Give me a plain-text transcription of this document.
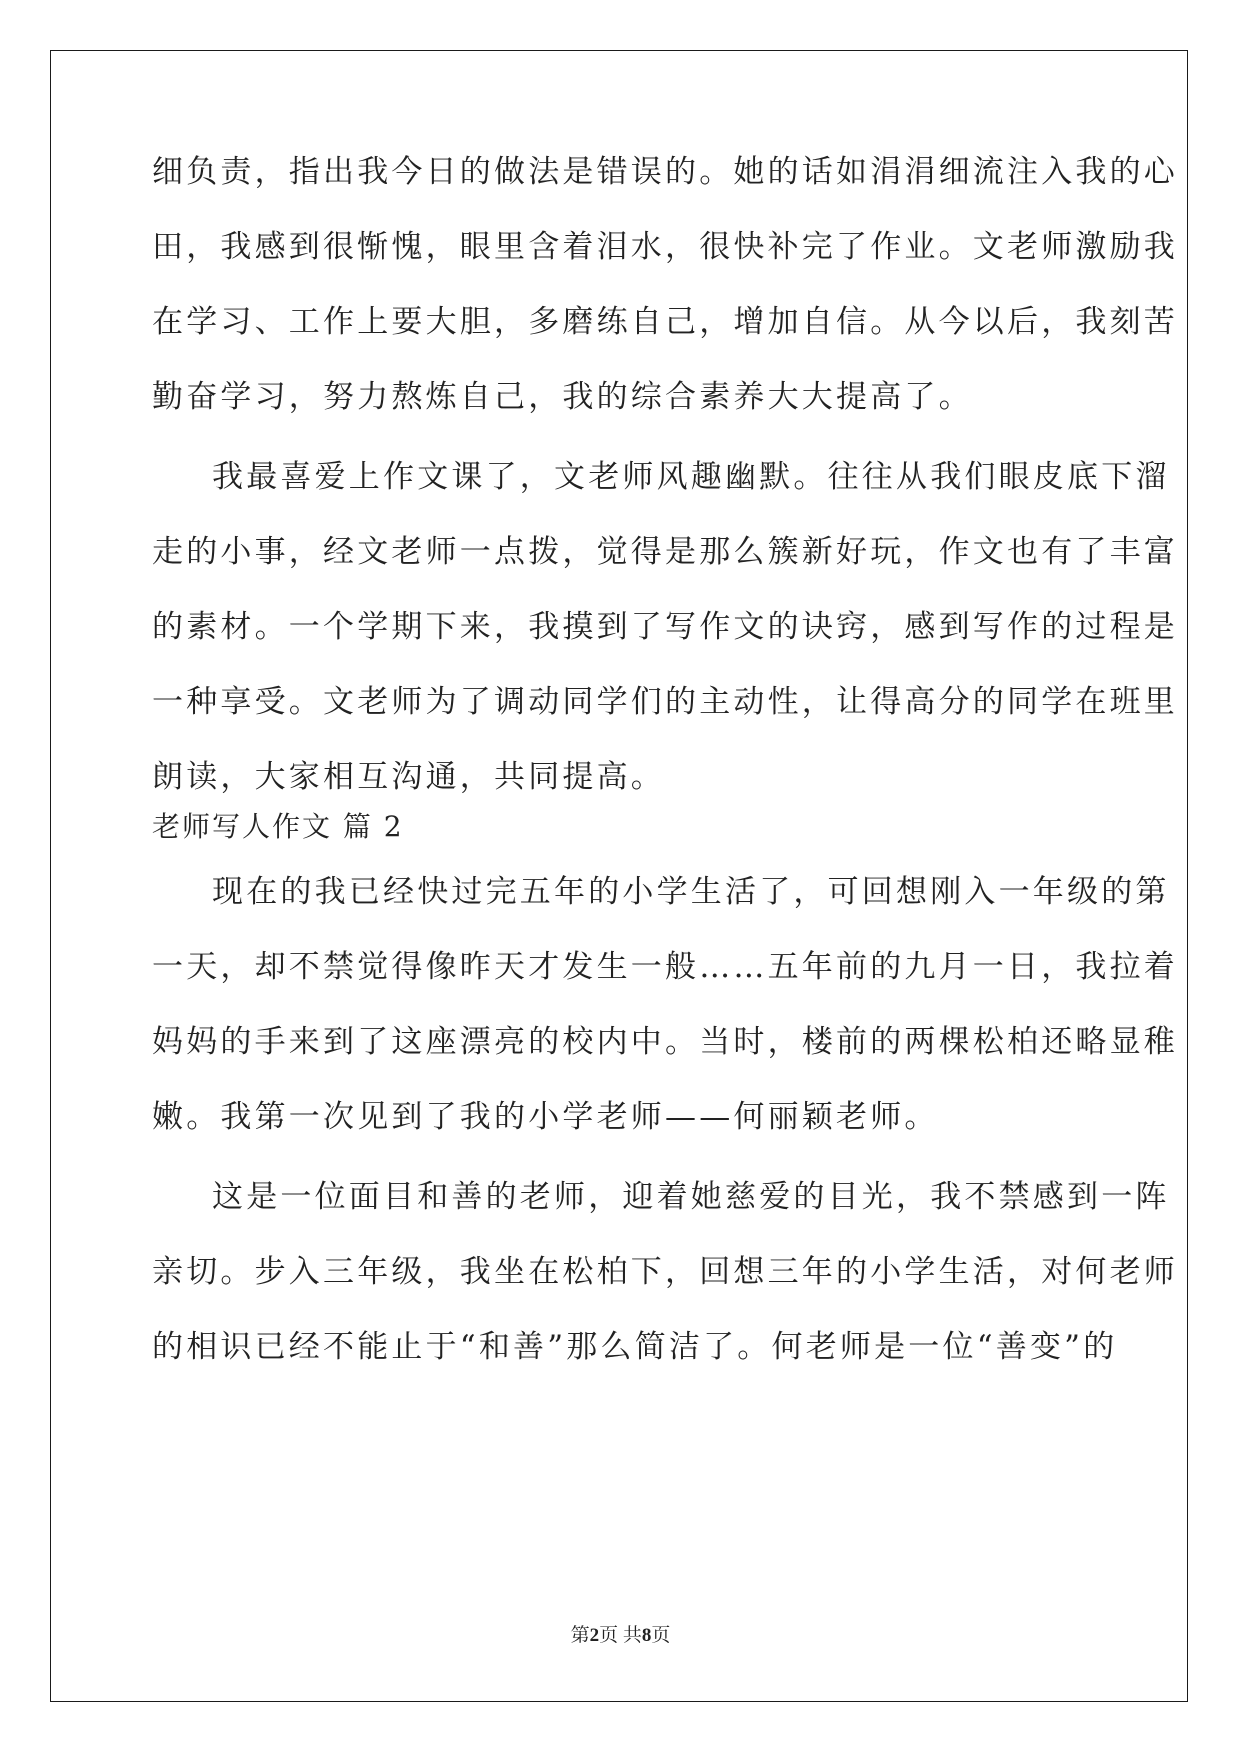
细负责，指出我今日的做法是错误的。她的话如涓涓细流注入我的心
田，我感到很惭愧，眼里含着泪水，很快补完了作业。文老师激励我
在学习、工作上要大胆，多磨练自己，增加自信。从今以后，我刻苦
勤奋学习，努力熬炼自己，我的综合素养大大提高了。
我最喜爱上作文课了，文老师风趣幽默。往往从我们眼皮底下溜
走的小事，经文老师一点拨，觉得是那么簇新好玩，作文也有了丰富
的素材。一个学期下来，我摸到了写作文的诀窍，感到写作的过程是
一种享受。文老师为了调动同学们的主动性，让得高分的同学在班里
朗读，大家相互沟通，共同提高。
老师写人作文 篇 2
现在的我已经快过完五年的小学生活了，可回想刚入一年级的第
一天，却不禁觉得像昨天才发生一般……五年前的九月一日，我拉着
妈妈的手来到了这座漂亮的校内中。当时，楼前的两棵松柏还略显稚
嫩。我第一次见到了我的小学老师——何丽颖老师。
这是一位面目和善的老师，迎着她慈爱的目光，我不禁感到一阵
亲切。步入三年级，我坐在松柏下，回想三年的小学生活，对何老师
的相识已经不能止于“和善”那么简洁了。何老师是一位“善变”的
第2页 共8页
